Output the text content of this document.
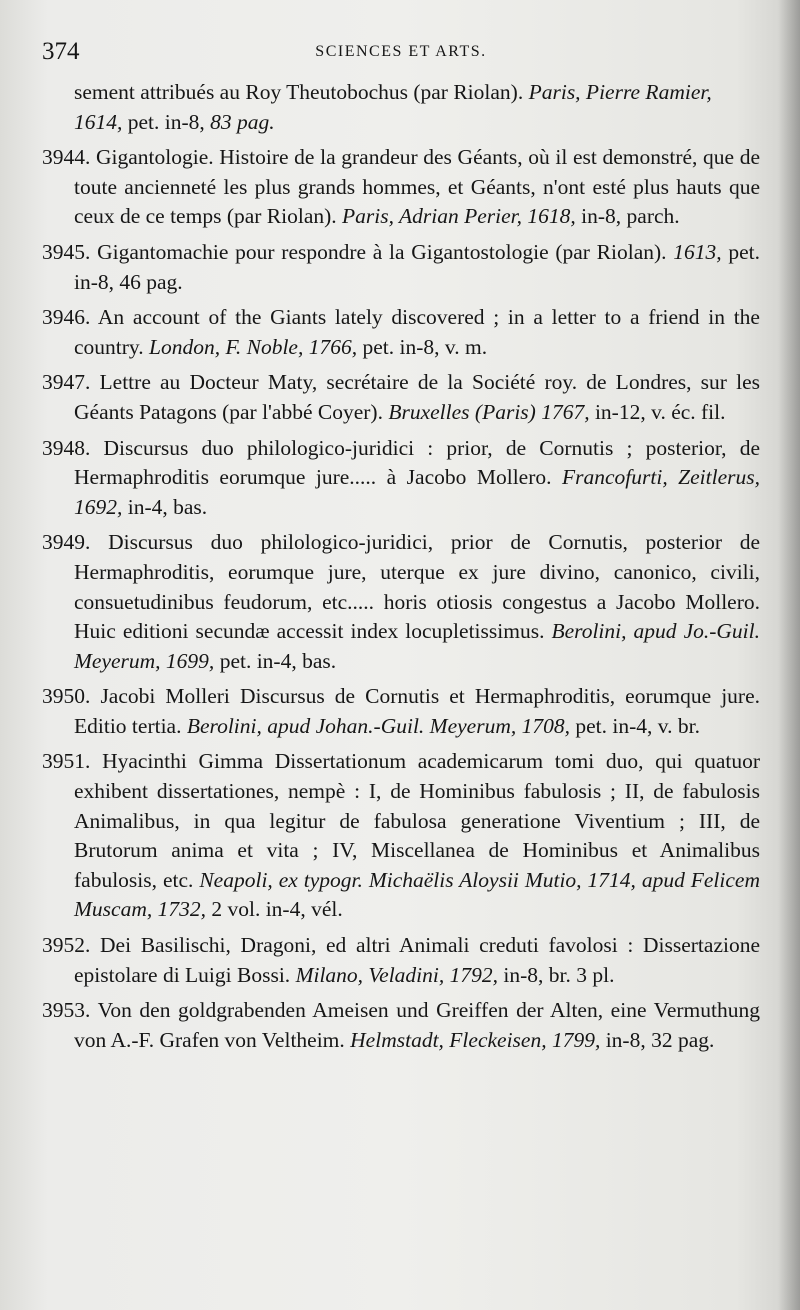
374	SCIENCES ET ARTS.

sement attribués au Roy Theutobochus (par Riolan). Paris, Pierre Ramier, 1614, pet. in-8, 83 pag.

3944. Gigantologie. Histoire de la grandeur des Géants, où il est demonstré, que de toute ancienneté les plus grands hommes, et Géants, n'ont esté plus hauts que ceux de ce temps (par Riolan). Paris, Adrian Perier, 1618, in-8, parch.

3945. Gigantomachie pour respondre à la Gigantostologie (par Riolan). 1613, pet. in-8, 46 pag.

3946. An account of the Giants lately discovered ; in a letter to a friend in the country. London, F. Noble, 1766, pet. in-8, v. m.

3947. Lettre au Docteur Maty, secrétaire de la Société roy. de Londres, sur les Géants Patagons (par l'abbé Coyer). Bruxelles (Paris) 1767, in-12, v. éc. fil.

3948. Discursus duo philologico-juridici : prior, de Cornutis ; posterior, de Hermaphroditis eorumque jure..... à Jacobo Mollero. Francofurti, Zeitlerus, 1692, in-4, bas.

3949. Discursus duo philologico-juridici, prior de Cornutis, posterior de Hermaphroditis, eorumque jure, uterque ex jure divino, canonico, civili, consuetudinibus feudorum, etc..... horis otiosis congestus a Jacobo Mollero. Huic editioni secundæ accessit index locupletissimus. Berolini, apud Jo.-Guil. Meyerum, 1699, pet. in-4, bas.

3950. Jacobi Molleri Discursus de Cornutis et Hermaphroditis, eorumque jure. Editio tertia. Berolini, apud Johan.-Guil. Meyerum, 1708, pet. in-4, v. br.

3951. Hyacinthi Gimma Dissertationum academicarum tomi duo, qui quatuor exhibent dissertationes, nempè : I, de Hominibus fabulosis ; II, de fabulosis Animalibus, in qua legitur de fabulosa generatione Viventium ; III, de Brutorum anima et vita ; IV, Miscellanea de Hominibus et Animalibus fabulosis, etc. Neapoli, ex typogr. Michaëlis Aloysii Mutio, 1714, apud Felicem Muscam, 1732, 2 vol. in-4, vél.

3952. Dei Basilischi, Dragoni, ed altri Animali creduti favolosi : Dissertazione epistolare di Luigi Bossi. Milano, Veladini, 1792, in-8, br. 3 pl.

3953. Von den goldgrabenden Ameisen und Greiffen der Alten, eine Vermuthung von A.-F. Grafen von Veltheim. Helmstadt, Fleckeisen, 1799, in-8, 32 pag.
